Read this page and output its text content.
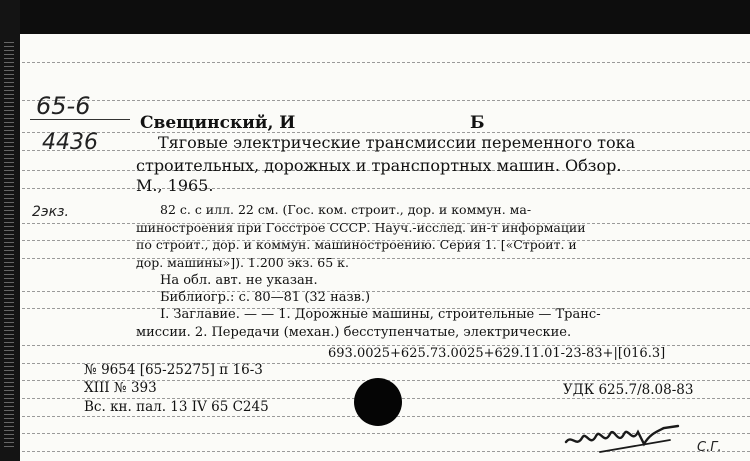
65-6
4436
2экз.
Свещинский, И	Б
Тяговые электрические трансмиссии переменного тока
строительных, дорожных и транспортных машин. Обзор.
М., 1965.
82 с. с илл. 22 см. (Гос. ком. строит., дор. и коммун. ма-
шиностроения при Госстрое СССР. Науч.-исслед. ин-т информации
по строит., дор. и коммун. машиностроению. Серия 1. [«Строит. и
дор. машины»]). 1.200 экз. 65 к.
На обл. авт. не указан.
Библиогр.: с. 80—81 (32 назв.)
I. Заглавие. — — 1. Дорожные машины, строительные — Транс-
миссии. 2. Передачи (механ.) бесступенчатые, электрические.
693.0025+625.73.0025+629.11.01-23-83+|[016.3]
№ 9654 [65-25275] п 16-3
XIII № 393	УДК 625.7/8.08-83
Вс. кн. пал. 13 IV 65 С245
С.Г.
